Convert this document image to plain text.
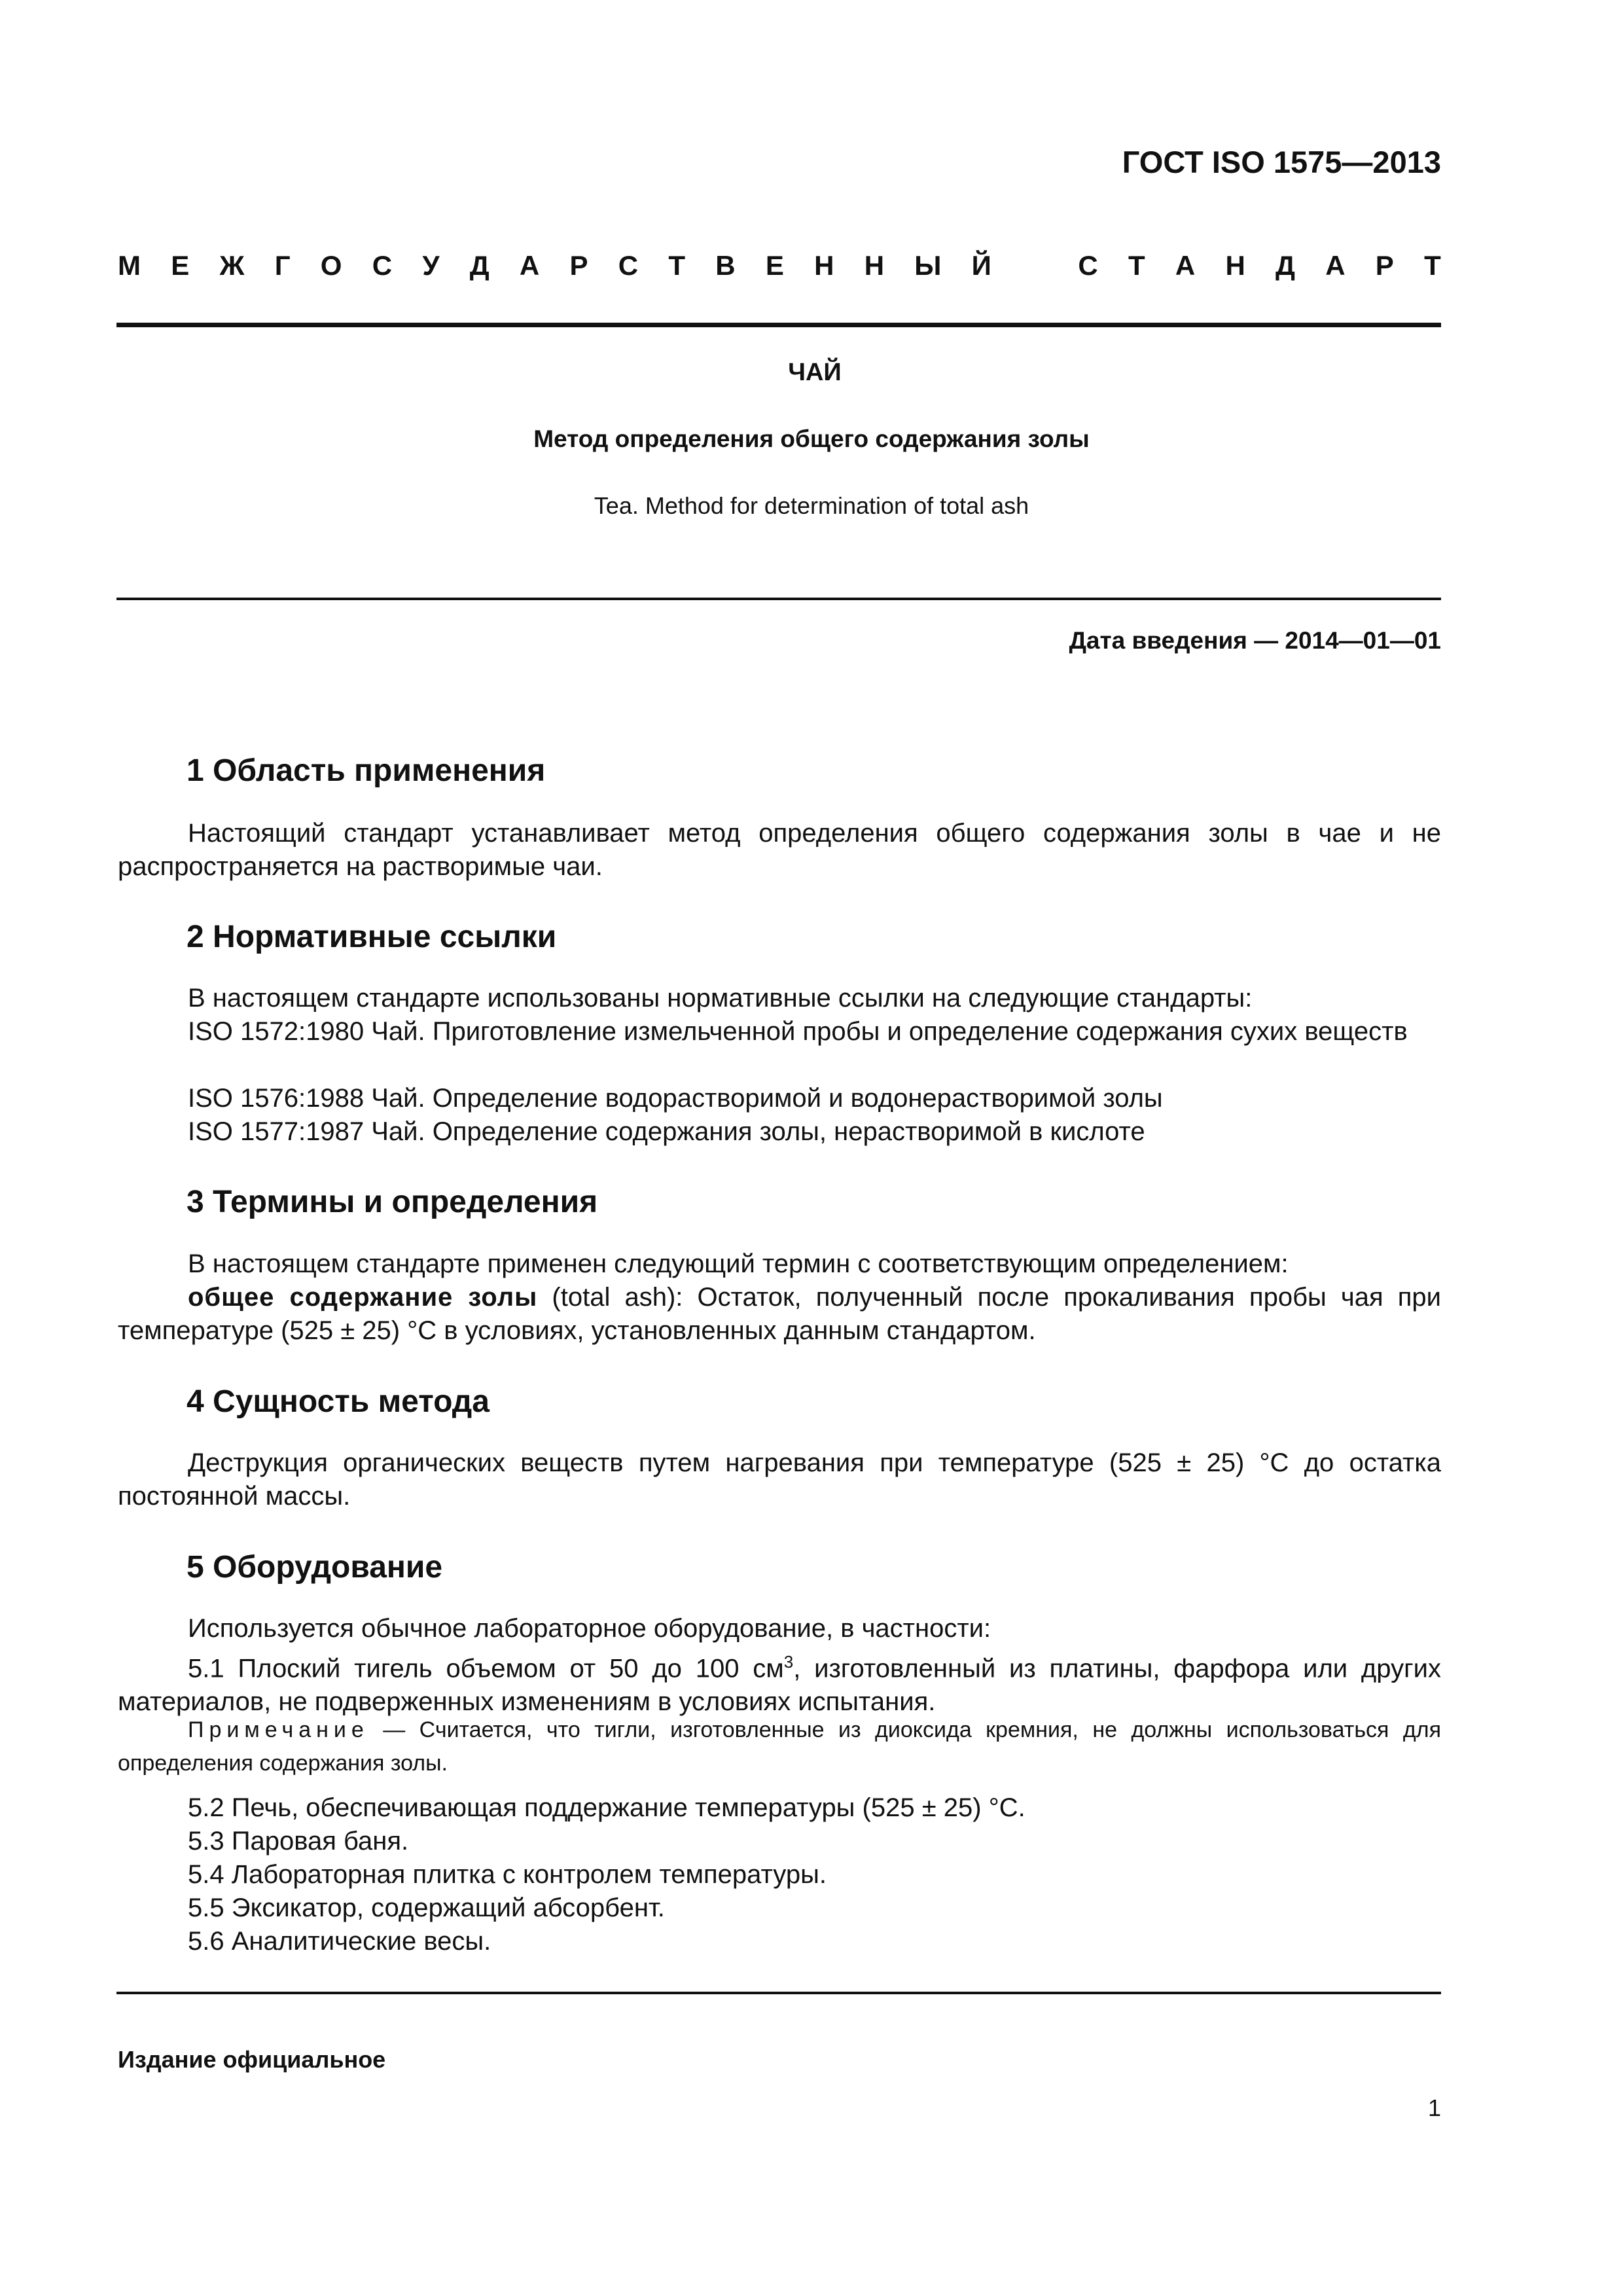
ГОСТ ISO 1575—2013
М Е Ж Г О С У Д А Р С Т В Е Н Н Ы Й	С Т А Н Д А Р Т
ЧАЙ
Метод определения общего содержания золы
Tea. Method for determination of total ash
Дата введения — 2014—01—01
1 Область применения
Настоящий стандарт устанавливает метод определения общего содержания золы в чае и не распространяется на растворимые чаи.
2 Нормативные ссылки
В настоящем стандарте использованы нормативные ссылки на следующие стандарты:
ISO 1572:1980 Чай. Приготовление измельченной пробы и определение содержания сухих веществ
ISO 1576:1988 Чай. Определение водорастворимой и водонерастворимой золы
ISO 1577:1987 Чай. Определение содержания золы, нерастворимой в кислоте
3 Термины и определения
В настоящем стандарте применен следующий термин с соответствующим определением:
общее содержание золы (total ash): Остаток, полученный после прокаливания пробы чая при температуре (525 ± 25) °С в условиях, установленных данным стандартом.
4 Сущность метода
Деструкция органических веществ путем нагревания при температуре (525 ± 25) °С до остатка постоянной массы.
5 Оборудование
Используется обычное лабораторное оборудование, в частности:
5.1 Плоский тигель объемом от 50 до 100 $см^3$, изготовленный из платины, фарфора или других материалов, не подверженных изменениям в условиях испытания.
Примечание — Считается, что тигли, изготовленные из диоксида кремния, не должны использоваться для определения содержания золы.
5.2 Печь, обеспечивающая поддержание температуры (525 ± 25) °С.
5.3 Паровая баня.
5.4 Лабораторная плитка с контролем температуры.
5.5 Эксикатор, содержащий абсорбент.
5.6 Аналитические весы.
Издание официальное
1
